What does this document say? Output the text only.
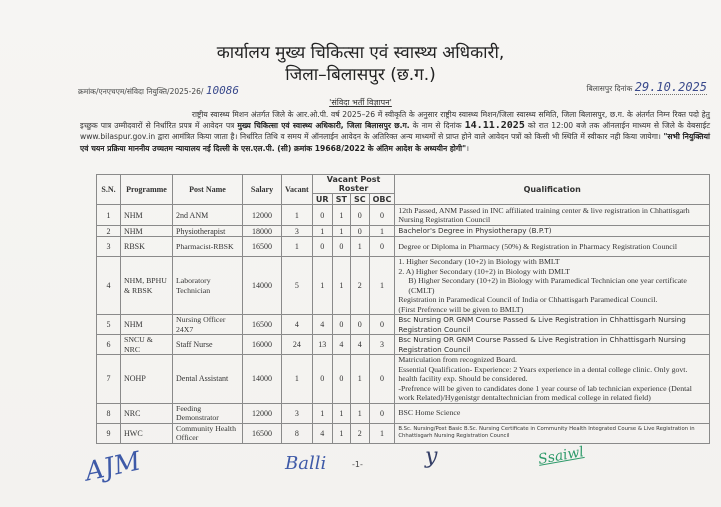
कार्यालय मुख्य चिकित्सा एवं स्वास्थ्य अधिकारी,
जिला–बिलासपुर (छ.ग.)
क्रमांक/एनएचएम/संविदा नियुक्ति/2025-26/ 10086	बिलासपुर दिनांक 29.10.2025
'संविदा भर्ती विज्ञापन'
राष्ट्रीय स्वास्थ्य मिशन अंतर्गत जिले के आर.ओ.पी. वर्ष 2025–26 में स्वीकृति के अनुसार राष्ट्रीय स्वास्थ्य मिशन/जिला स्वास्थ्य समिति, जिला बिलासपुर, छ.ग. के अंतर्गत निम्न रिक्त पदो हेतु इच्छुक पात्र उम्मीदवारों से निर्धारित प्रपत्र में आवेदन पत्र मुख्य चिकित्सा एवं स्वास्थ्य अधिकारी, जिला बिलासपुर छ.ग. के नाम से दिनांक 14.11.2025 को रात 12:00 बजे तक ऑनलाईन माध्यम से जिले के वेबसाईट www.bilaspur.gov.in द्वारा आमंत्रित किया जाता है। निर्धारित तिथि व समय में ऑनलाईन आवेदन के अतिरिक्त अन्य माध्यमों से प्राप्त होने वाले आवेदन पत्रों को किसी भी स्थिति में स्वीकार नही किया जायेगा। "सभी नियुक्तियां एवं चयन प्रक्रिया माननीय उच्चतम न्यायालय नई दिल्ली के एस.एल.पी. (सी) क्रमांक 19668/2022 के अंतिम आदेश के अध्ययीन होगी"।
S.N.	Programme	Post Name	Salary	Vacant	Vacant Post Roster				Qualification
					UR	ST	SC	OBC	
1	NHM	2nd ANM	12000	1	0	1	0	0	12th Passed, ANM Passed in INC affiliated training center & live registration in Chhattisgarh Nursing Registration Council
2	NHM	Physiotherapist	18000	3	1	1	0	1	Bachelor's Degree in Physiotherapy (B.P.T)
3	RBSK	Pharmacist-RBSK	16500	1	0	0	1	0	Degree or Diploma in Pharmacy (50%) & Registration in Pharmacy Registration Council
4	NHM, BPHU & RBSK	Laboratory Technician	14000	5	1	1	2	1	1. Higher Secondary (10+2) in Biology with BMLT
2. A) Higher Secondary (10+2) in Biology with DMLT
B) Higher Secondary (10+2) in Biology with Paramedical Technician one year certificate (CMLT)
Registration in Paramedical Council of India or Chhattisgarh Paramedical Council.
(First Prefrence will be given to BMLT)

5	NHM	Nursing Officer 24X7	16500	4	4	0	0	0	Bsc Nursing OR GNM Course Passed & Live Registration in Chhattisgarh Nursing Registration Council
6	SNCU & NRC	Staff Nurse	16000	24	13	4	4	3	Bsc Nursing OR GNM Course Passed & Live Registration in Chhattisgarh Nursing Registration Council
7	NOHP	Dental Assistant	14000	1	0	0	1	0	Matriculation from recognized Board.
Essential Qualification- Experience: 2 Years experience in a dental college clinic. Only govt. health facility exp. Should be considered.
-Prefrence will be given to candidates done 1 year course of lab technician experience (Dental work Related)/Hygenistgr dentaltechnician from medical college in related field)

8	NRC	Feeding Demonstrator	12000	3	1	1	1	0	BSC Home Science
9	HWC	Community Health Officer	16500	8	4	1	2	1	B.Sc. Nursing/Post Basic B.Sc. Nursing Certificate in Community Health Integrated Course & Live Registration in Chhattisgarh Nursing Registration Council
AJM	Balli	-1-	y	Ssaiwl
